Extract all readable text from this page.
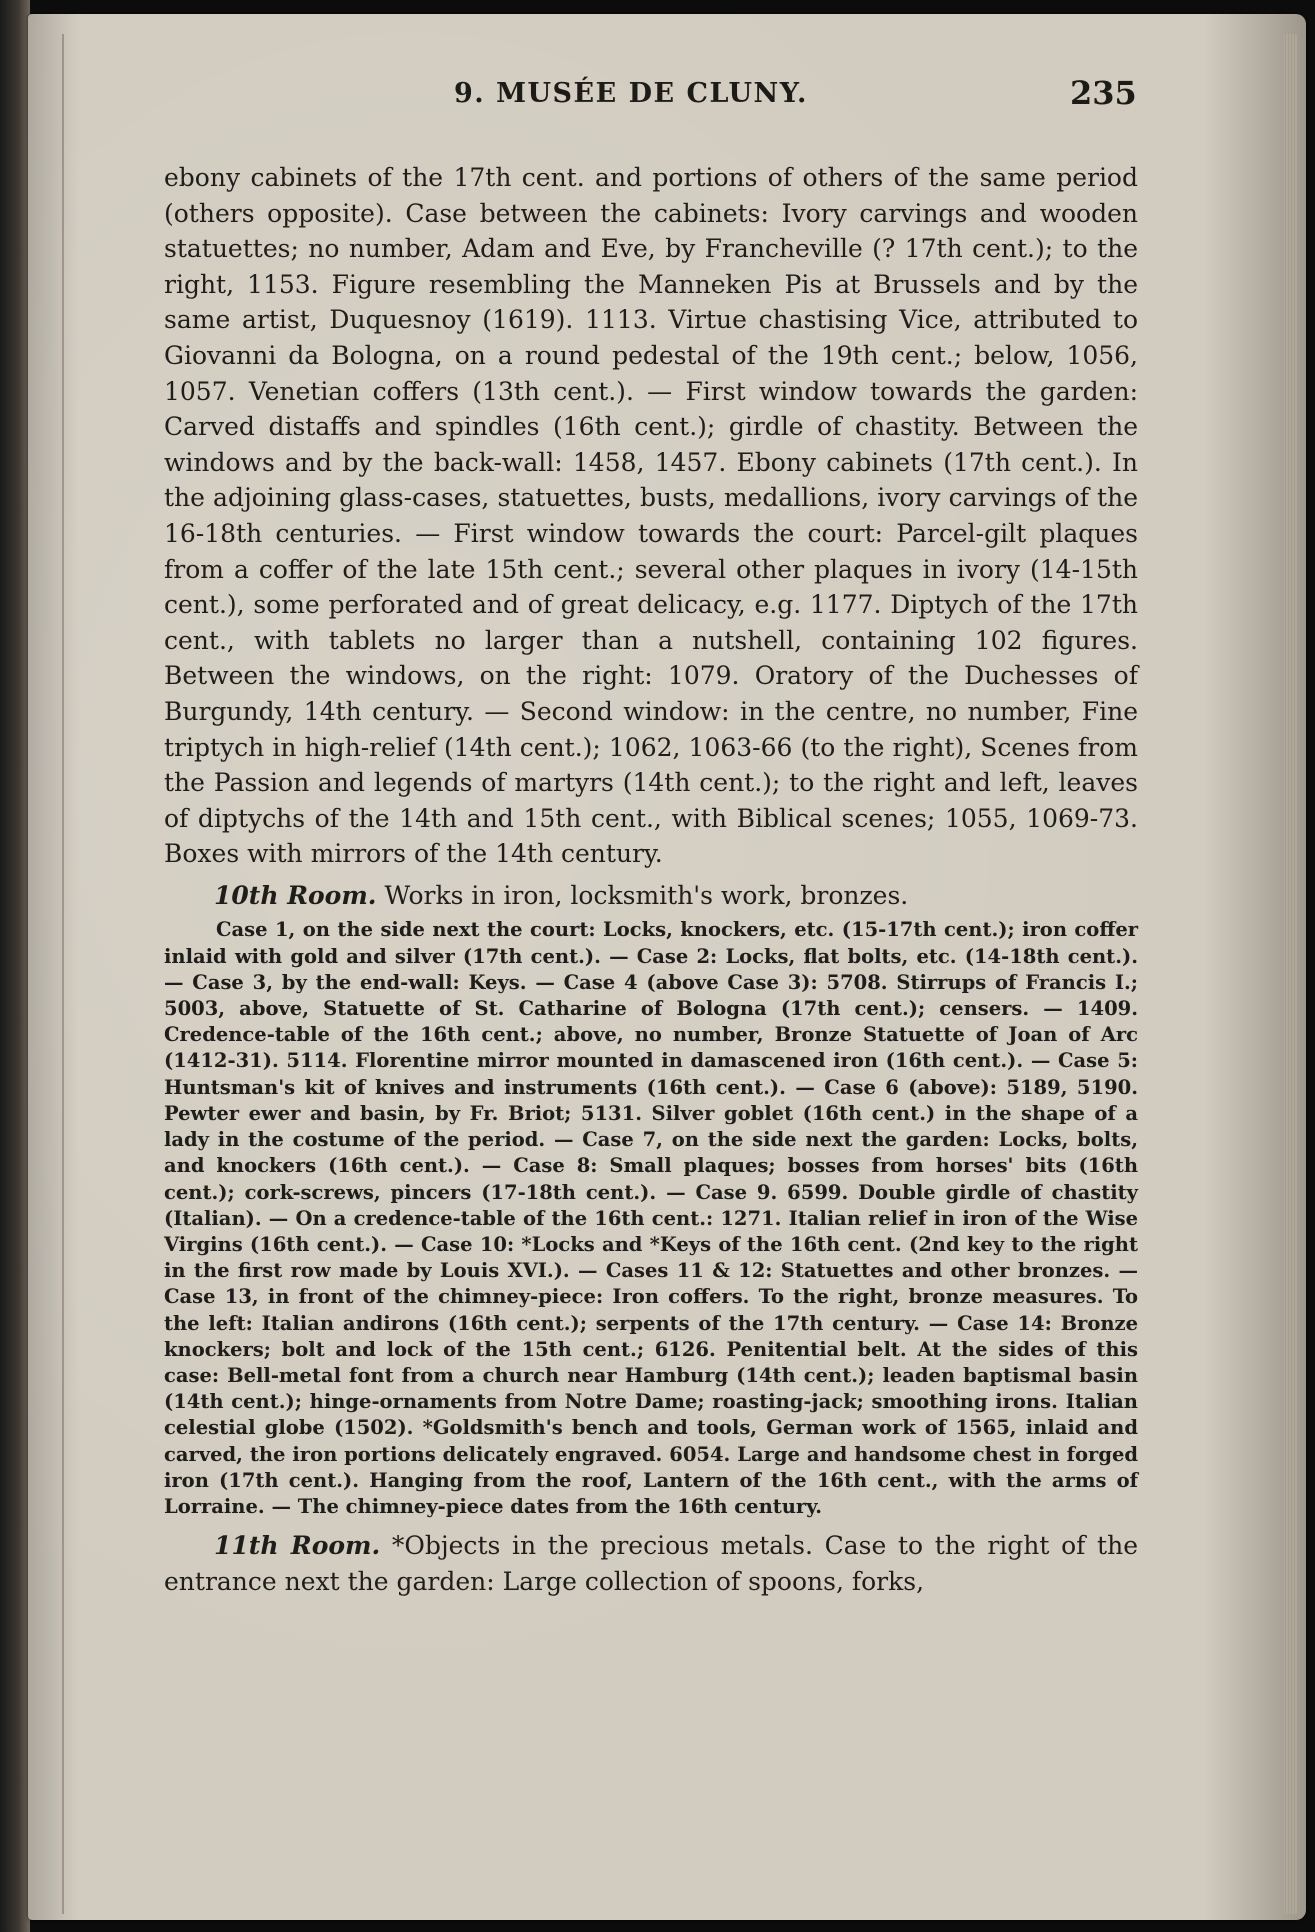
9. MUSÉE DE CLUNY.	235

ebony cabinets of the 17th cent. and portions of others of the same period (others opposite). Case between the cabinets: Ivory carvings and wooden statuettes; no number, Adam and Eve, by Francheville (? 17th cent.); to the right, 1153. Figure resembling the Manneken Pis at Brussels and by the same artist, Duquesnoy (1619). 1113. Virtue chastising Vice, attributed to Giovanni da Bologna, on a round pedestal of the 19th cent.; below, 1056, 1057. Venetian coffers (13th cent.). — First window towards the garden: Carved distaffs and spindles (16th cent.); girdle of chastity. Between the windows and by the back-wall: 1458, 1457. Ebony cabinets (17th cent.). In the adjoining glass-cases, statuettes, busts, medallions, ivory carvings of the 16-18th centuries. — First window towards the court: Parcel-gilt plaques from a coffer of the late 15th cent.; several other plaques in ivory (14-15th cent.), some perforated and of great delicacy, e.g. 1177. Diptych of the 17th cent., with tablets no larger than a nutshell, containing 102 figures. Between the windows, on the right: 1079. Oratory of the Duchesses of Burgundy, 14th century. — Second window: in the centre, no number, Fine triptych in high-relief (14th cent.); 1062, 1063-66 (to the right), Scenes from the Passion and legends of martyrs (14th cent.); to the right and left, leaves of diptychs of the 14th and 15th cent., with Biblical scenes; 1055, 1069-73. Boxes with mirrors of the 14th century.

10th Room. Works in iron, locksmith's work, bronzes.

Case 1, on the side next the court: Locks, knockers, etc. (15-17th cent.); iron coffer inlaid with gold and silver (17th cent.). — Case 2: Locks, flat bolts, etc. (14-18th cent.). — Case 3, by the end-wall: Keys. — Case 4 (above Case 3): 5708. Stirrups of Francis I.; 5003, above, Statuette of St. Catharine of Bologna (17th cent.); censers. — 1409. Credence-table of the 16th cent.; above, no number, Bronze Statuette of Joan of Arc (1412-31). 5114. Florentine mirror mounted in damascened iron (16th cent.). — Case 5: Huntsman's kit of knives and instruments (16th cent.). — Case 6 (above): 5189, 5190. Pewter ewer and basin, by Fr. Briot; 5131. Silver goblet (16th cent.) in the shape of a lady in the costume of the period. — Case 7, on the side next the garden: Locks, bolts, and knockers (16th cent.). — Case 8: Small plaques; bosses from horses' bits (16th cent.); cork-screws, pincers (17-18th cent.). — Case 9. 6599. Double girdle of chastity (Italian). — On a credence-table of the 16th cent.: 1271. Italian relief in iron of the Wise Virgins (16th cent.). — Case 10: *Locks and *Keys of the 16th cent. (2nd key to the right in the first row made by Louis XVI.). — Cases 11 & 12: Statuettes and other bronzes. — Case 13, in front of the chimney-piece: Iron coffers. To the right, bronze measures. To the left: Italian andirons (16th cent.); serpents of the 17th century. — Case 14: Bronze knockers; bolt and lock of the 15th cent.; 6126. Penitential belt. At the sides of this case: Bell-metal font from a church near Hamburg (14th cent.); leaden baptismal basin (14th cent.); hinge-ornaments from Notre Dame; roasting-jack; smoothing irons. Italian celestial globe (1502). *Goldsmith's bench and tools, German work of 1565, inlaid and carved, the iron portions delicately engraved. 6054. Large and handsome chest in forged iron (17th cent.). Hanging from the roof, Lantern of the 16th cent., with the arms of Lorraine. — The chimney-piece dates from the 16th century.

11th Room. *Objects in the precious metals. Case to the right of the entrance next the garden: Large collection of spoons, forks,
